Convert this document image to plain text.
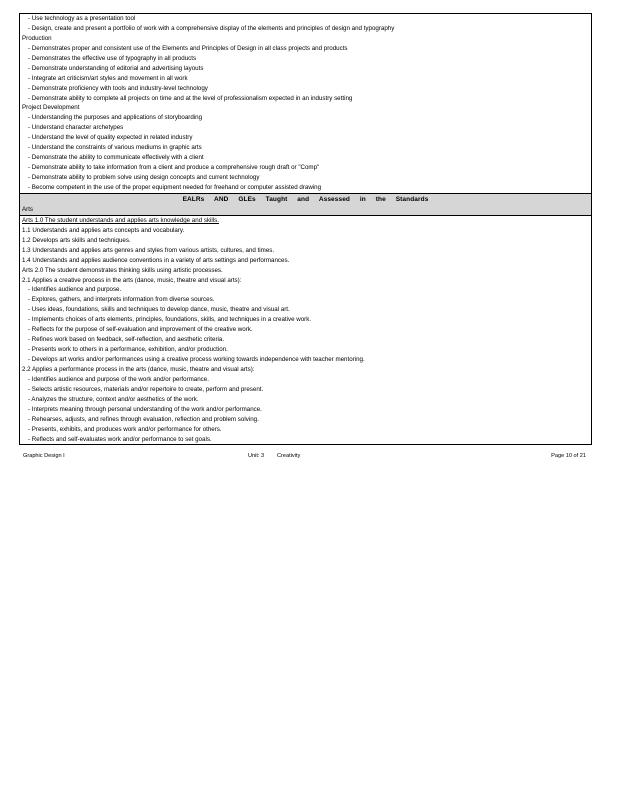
- Use technology as a presentation tool
- Design, create and present a portfolio of work with a comprehensive display of the elements and principles of design and typography
Production
- Demonstrates proper and consistent use of the Elements and Principles of Design in all class projects and products
- Demonstrates the effective use of typography in all products
- Demonstrate understanding of editorial and advertising layouts
- Integrate art criticism/art styles and movement in all work
- Demonstrate proficiency with tools and industry-level technology
- Demonstrate ability to complete all projects on time and at the level of professionalism expected in an industry setting
Project Development
- Understanding the purposes and applications of storyboarding
- Understand character archetypes
- Understand the level of quality expected in related industry
- Understand the constraints of various mediums in graphic arts
- Demonstrate the ability to communicate effectively with a client
- Demonstrate ability to take information from a client and produce a comprehensive rough draft or "Comp"
- Demonstrate ability to problem solve using design concepts and current technology
- Become competent in the use of the proper equipment needed for freehand or computer assisted drawing
EALRs AND GLEs Taught and Assessed in the Standards
Arts
Arts 1.0 The student understands and applies arts knowledge and skills.
1.1 Understands and applies arts concepts and vocabulary.
1.2 Develops arts skills and techniques.
1.3 Understands and applies arts genres and styles from various artists, cultures, and times.
1.4 Understands and applies audience conventions in a variety of arts settings and performances.
Arts 2.0 The student demonstrates thinking skills using artistic processes.
2.1 Applies a creative process in the arts (dance, music, theatre and visual arts):
- Identifies audience and purpose.
- Explores, gathers, and interprets information from diverse sources.
- Uses ideas, foundations, skills and techniques to develop dance, music, theatre and visual art.
- Implements choices of arts elements, principles, foundations, skills, and techniques in a creative work.
- Reflects for the purpose of self-evaluation and improvement of the creative work.
- Refines work based on feedback, self-reflection, and aesthetic criteria.
- Presents work to others in a performance, exhibition, and/or production.
- Develops art works and/or performances using a creative process working towards independence with teacher mentoring.
2.2 Applies a performance process in the arts (dance, music, theatre and visual arts):
- Identifies audience and purpose of the work and/or performance.
- Selects artistic resources, materials and/or repertoire to create, perform and present.
- Analyzes the structure, context and/or aesthetics of the work.
- Interprets meaning through personal understanding of the work and/or performance.
- Rehearses, adjusts, and refines through evaluation, reflection and problem solving.
- Presents, exhibits, and produces work and/or performance for others.
- Reflects and self-evaluates work and/or performance to set goals.
Graphic Design I	Unit: 3 Creativity	Page 10 of 21
